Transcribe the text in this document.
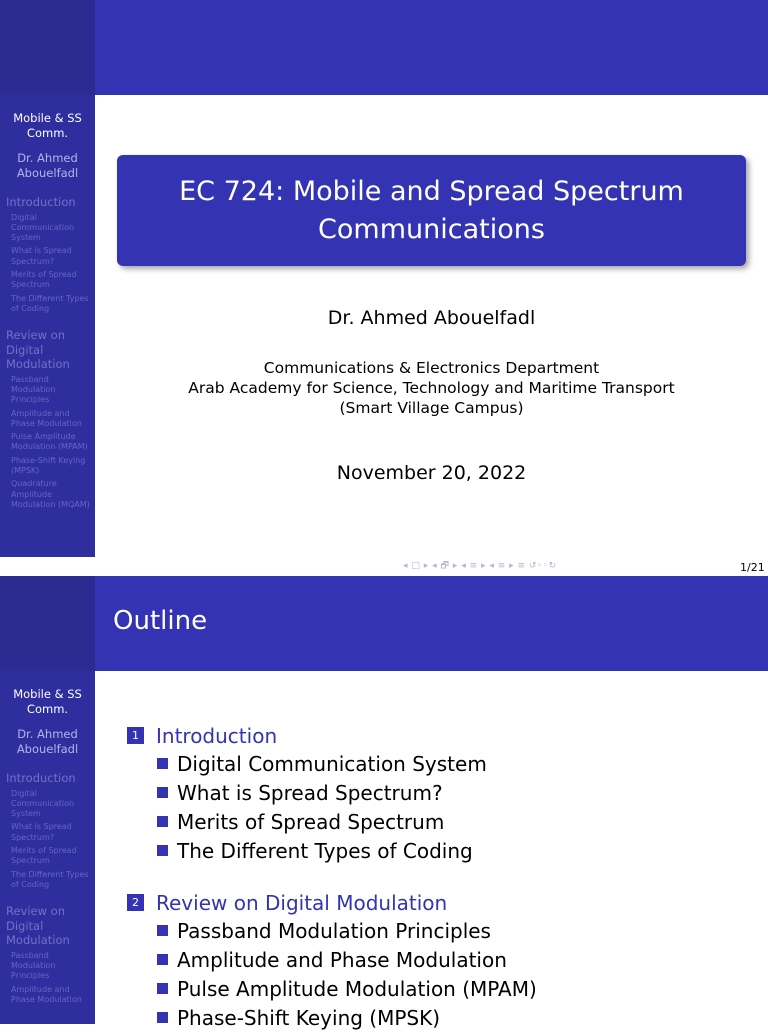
Mobile & SS Comm.
Dr. Ahmed Abouelfadl
Introduction
Digital Communication System
What is Spread Spectrum?
Merits of Spread Spectrum
The Different Types of Coding
Review on Digital Modulation
Passband Modulation Principles
Amplitude and Phase Modulation
Pulse Amplitude Modulation (MPAM)
Phase-Shift Keying (MPSK)
Quadrature Amplitude Modulation (MQAM)
EC 724: Mobile and Spread Spectrum Communications
Dr. Ahmed Abouelfadl
Communications & Electronics Department
Arab Academy for Science, Technology and Maritime Transport
(Smart Village Campus)
November 20, 2022
◂ □ ▸ ◂ 🗗 ▸ ◂ ≡ ▸ ◂ ≡ ▸ ≡ ↺◦◦↻	1/21
Mobile & SS Comm.
Dr. Ahmed Abouelfadl
Introduction
Digital Communication System
What is Spread Spectrum?
Merits of Spread Spectrum
The Different Types of Coding
Review on Digital Modulation
Passband Modulation Principles
Amplitude and Phase Modulation
Outline
1 Introduction
Digital Communication System
What is Spread Spectrum?
Merits of Spread Spectrum
The Different Types of Coding
2 Review on Digital Modulation
Passband Modulation Principles
Amplitude and Phase Modulation
Pulse Amplitude Modulation (MPAM)
Phase-Shift Keying (MPSK)
